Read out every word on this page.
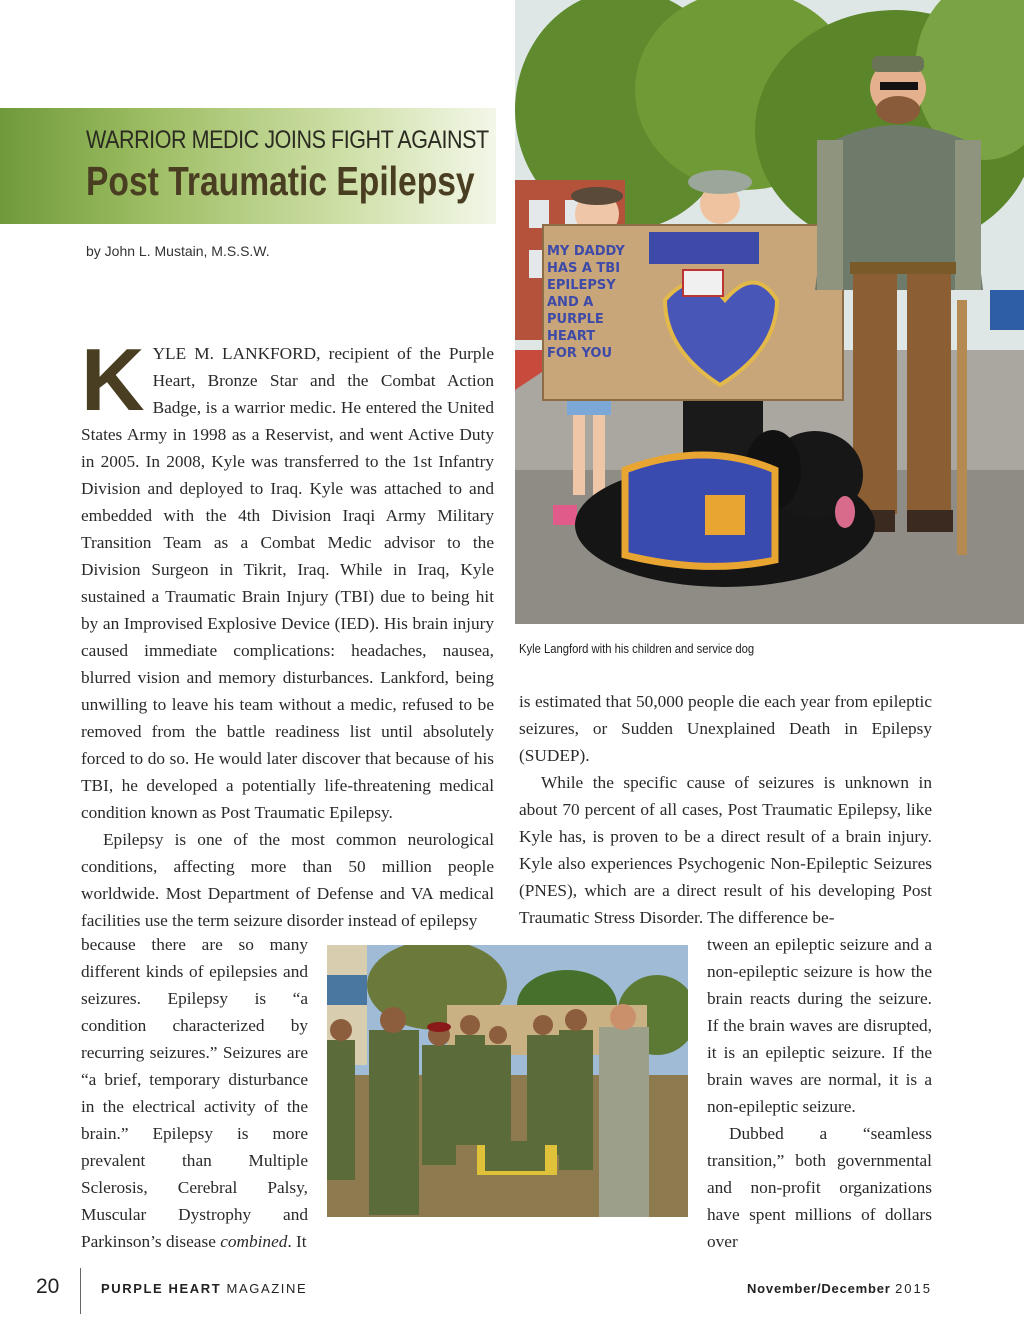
WARRIOR MEDIC JOINS FIGHT AGAINST
Post Traumatic Epilepsy
by John L. Mustain, M.S.S.W.

KYLE M. LANKFORD, recipient of the Purple Heart, Bronze Star and the Combat Action Badge, is a warrior medic. He entered the United States Army in 1998 as a Reservist, and went Active Duty in 2005. In 2008, Kyle was transferred to the 1st Infantry Division and deployed to Iraq. Kyle was attached to and embedded with the 4th Division Iraqi Army Military Transition Team as a Combat Medic advisor to the Division Surgeon in Tikrit, Iraq. While in Iraq, Kyle sustained a Traumatic Brain Injury (TBI) due to being hit by an Improvised Explosive Device (IED). His brain injury caused immediate complications: headaches, nausea, blurred vision and memory disturbances. Lankford, being unwilling to leave his team without a medic, refused to be removed from the battle readiness list until absolutely forced to do so. He would later discover that because of his TBI, he developed a potentially life-threatening medical condition known as Post Traumatic Epilepsy.

Epilepsy is one of the most common neurological conditions, affecting more than 50 million people worldwide. Most Department of Defense and VA medical facilities use the term seizure disorder instead of epilepsy

because there are so many different kinds of epilepsies and seizures. Epilepsy is “a condition characterized by recurring seizures.” Seizures are “a brief, temporary disturbance in the electrical activity of the brain.” Epilepsy is more prevalent than Multiple Sclerosis, Cerebral Palsy, Muscular Dystrophy and Parkinson’s disease combined. It

MY DADDY
HAS A TBI
EPILEPSY
AND A
PURPLE
HEART
FOR YOU
Kyle Langford with his children and service dog

is estimated that 50,000 people die each year from epileptic seizures, or Sudden Unexplained Death in Epilepsy (SUDEP).

While the specific cause of seizures is unknown in about 70 percent of all cases, Post Traumatic Epilepsy, like Kyle has, is proven to be a direct result of a brain injury. Kyle also experiences Psychogenic Non-Epileptic Seizures (PNES), which are a direct result of his developing Post Traumatic Stress Disorder. The difference be-

tween an epileptic seizure and a non-epileptic seizure is how the brain reacts during the seizure. If the brain waves are disrupted, it is an epileptic seizure. If the brain waves are normal, it is a non-epileptic seizure.

Dubbed a “seamless transition,” both governmental and non-profit organizations have spent millions of dollars over

20	PURPLE HEART MAGAZINE	November/December 2015
